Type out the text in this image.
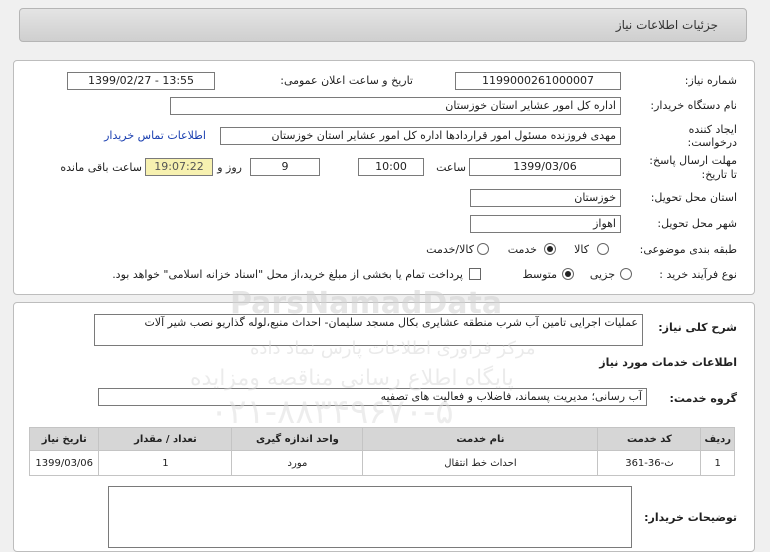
جزئیات اطلاعات نیاز
شماره نیاز:
1199000261000007
تاریخ و ساعت اعلان عمومی:
1399/02/27 - 13:55
نام دستگاه خریدار:
اداره کل امور عشایر استان خوزستان
ایجاد کننده
درخواست:
مهدی فروزنده مسئول امور قراردادها اداره کل امور عشایر استان خوزستان
اطلاعات تماس خریدار
مهلت ارسال پاسخ:
تا تاریخ:
1399/03/06
ساعت
10:00
9
روز و
19:07:22
ساعت باقی مانده
استان محل تحویل:
خوزستان
شهر محل تحویل:
اهواز
طبقه بندی موضوعی:
کالا
خدمت
کالا/خدمت
نوع فرآیند خرید :
جزیی
متوسط
پرداخت تمام یا بخشی از مبلغ خرید،از محل "اسناد خزانه اسلامی" خواهد بود.
شرح کلی نیاز:
عملیات اجرایی تامین آب شرب منطقه عشایری بکال مسجد سلیمان- احداث منبع،لوله گذاریو نصب شیر آلات
اطلاعات خدمات مورد نیاز
گروه خدمت:
آب رسانی؛ مدیریت پسماند، فاضلاب و فعالیت های تصفیه
ردیف	کد خدمت	نام خدمت	واحد اندازه گیری	تعداد / مقدار	تاریخ نیاز
1	ث-36-361	احداث خط انتقال	مورد	1	1399/03/06
توضیحات خریدار:
ParsNamadData
مرکز فراوری اطلاعات پارس نماد داده
پایگاه اطلاع رسانی مناقصه ومزایده
۰۲۱-۸۸۳۴۹۶۷۰-۵
